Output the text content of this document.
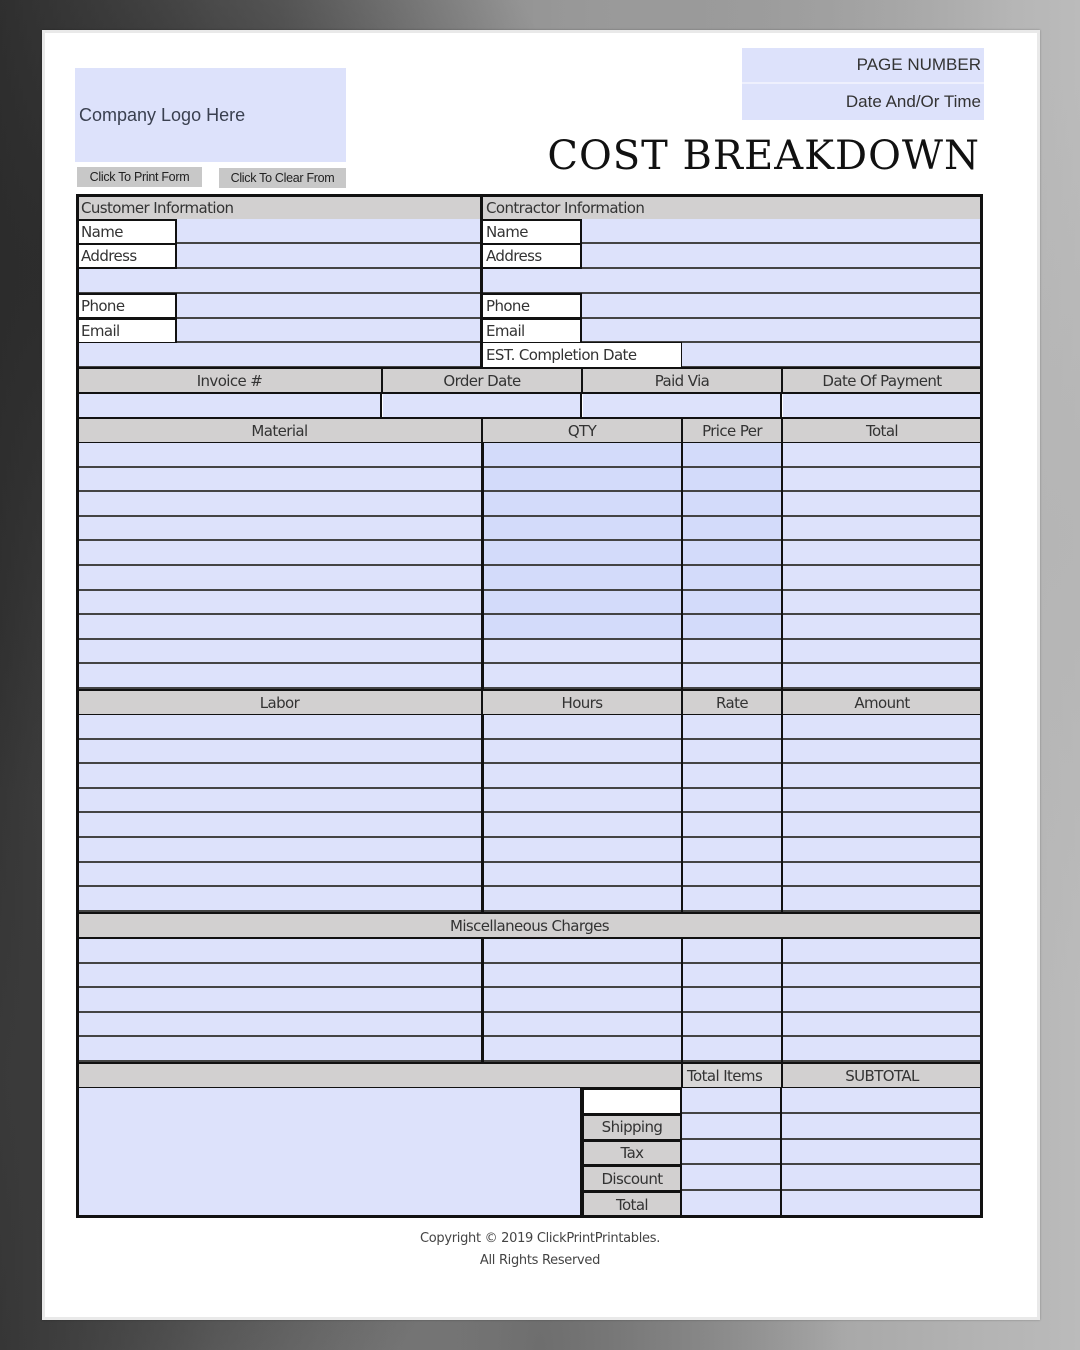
Company Logo Here
Click To Print Form	Click To Clear From
PAGE NUMBER
Date And/Or Time
COST BREAKDOWN
Customer Information	Contractor Information
Name
Address
Phone
Email
Name
Address
Phone
Email
EST. Completion Date
Invoice #	Order Date	Paid Via	Date Of Payment
Material	QTY	Price Per	Total
Labor	Hours	Rate	Amount
Miscellaneous Charges
Total Items	SUBTOTAL
Shipping
Tax
Discount
Total
Copyright © 2019 ClickPrintPrintables.
All Rights Reserved
